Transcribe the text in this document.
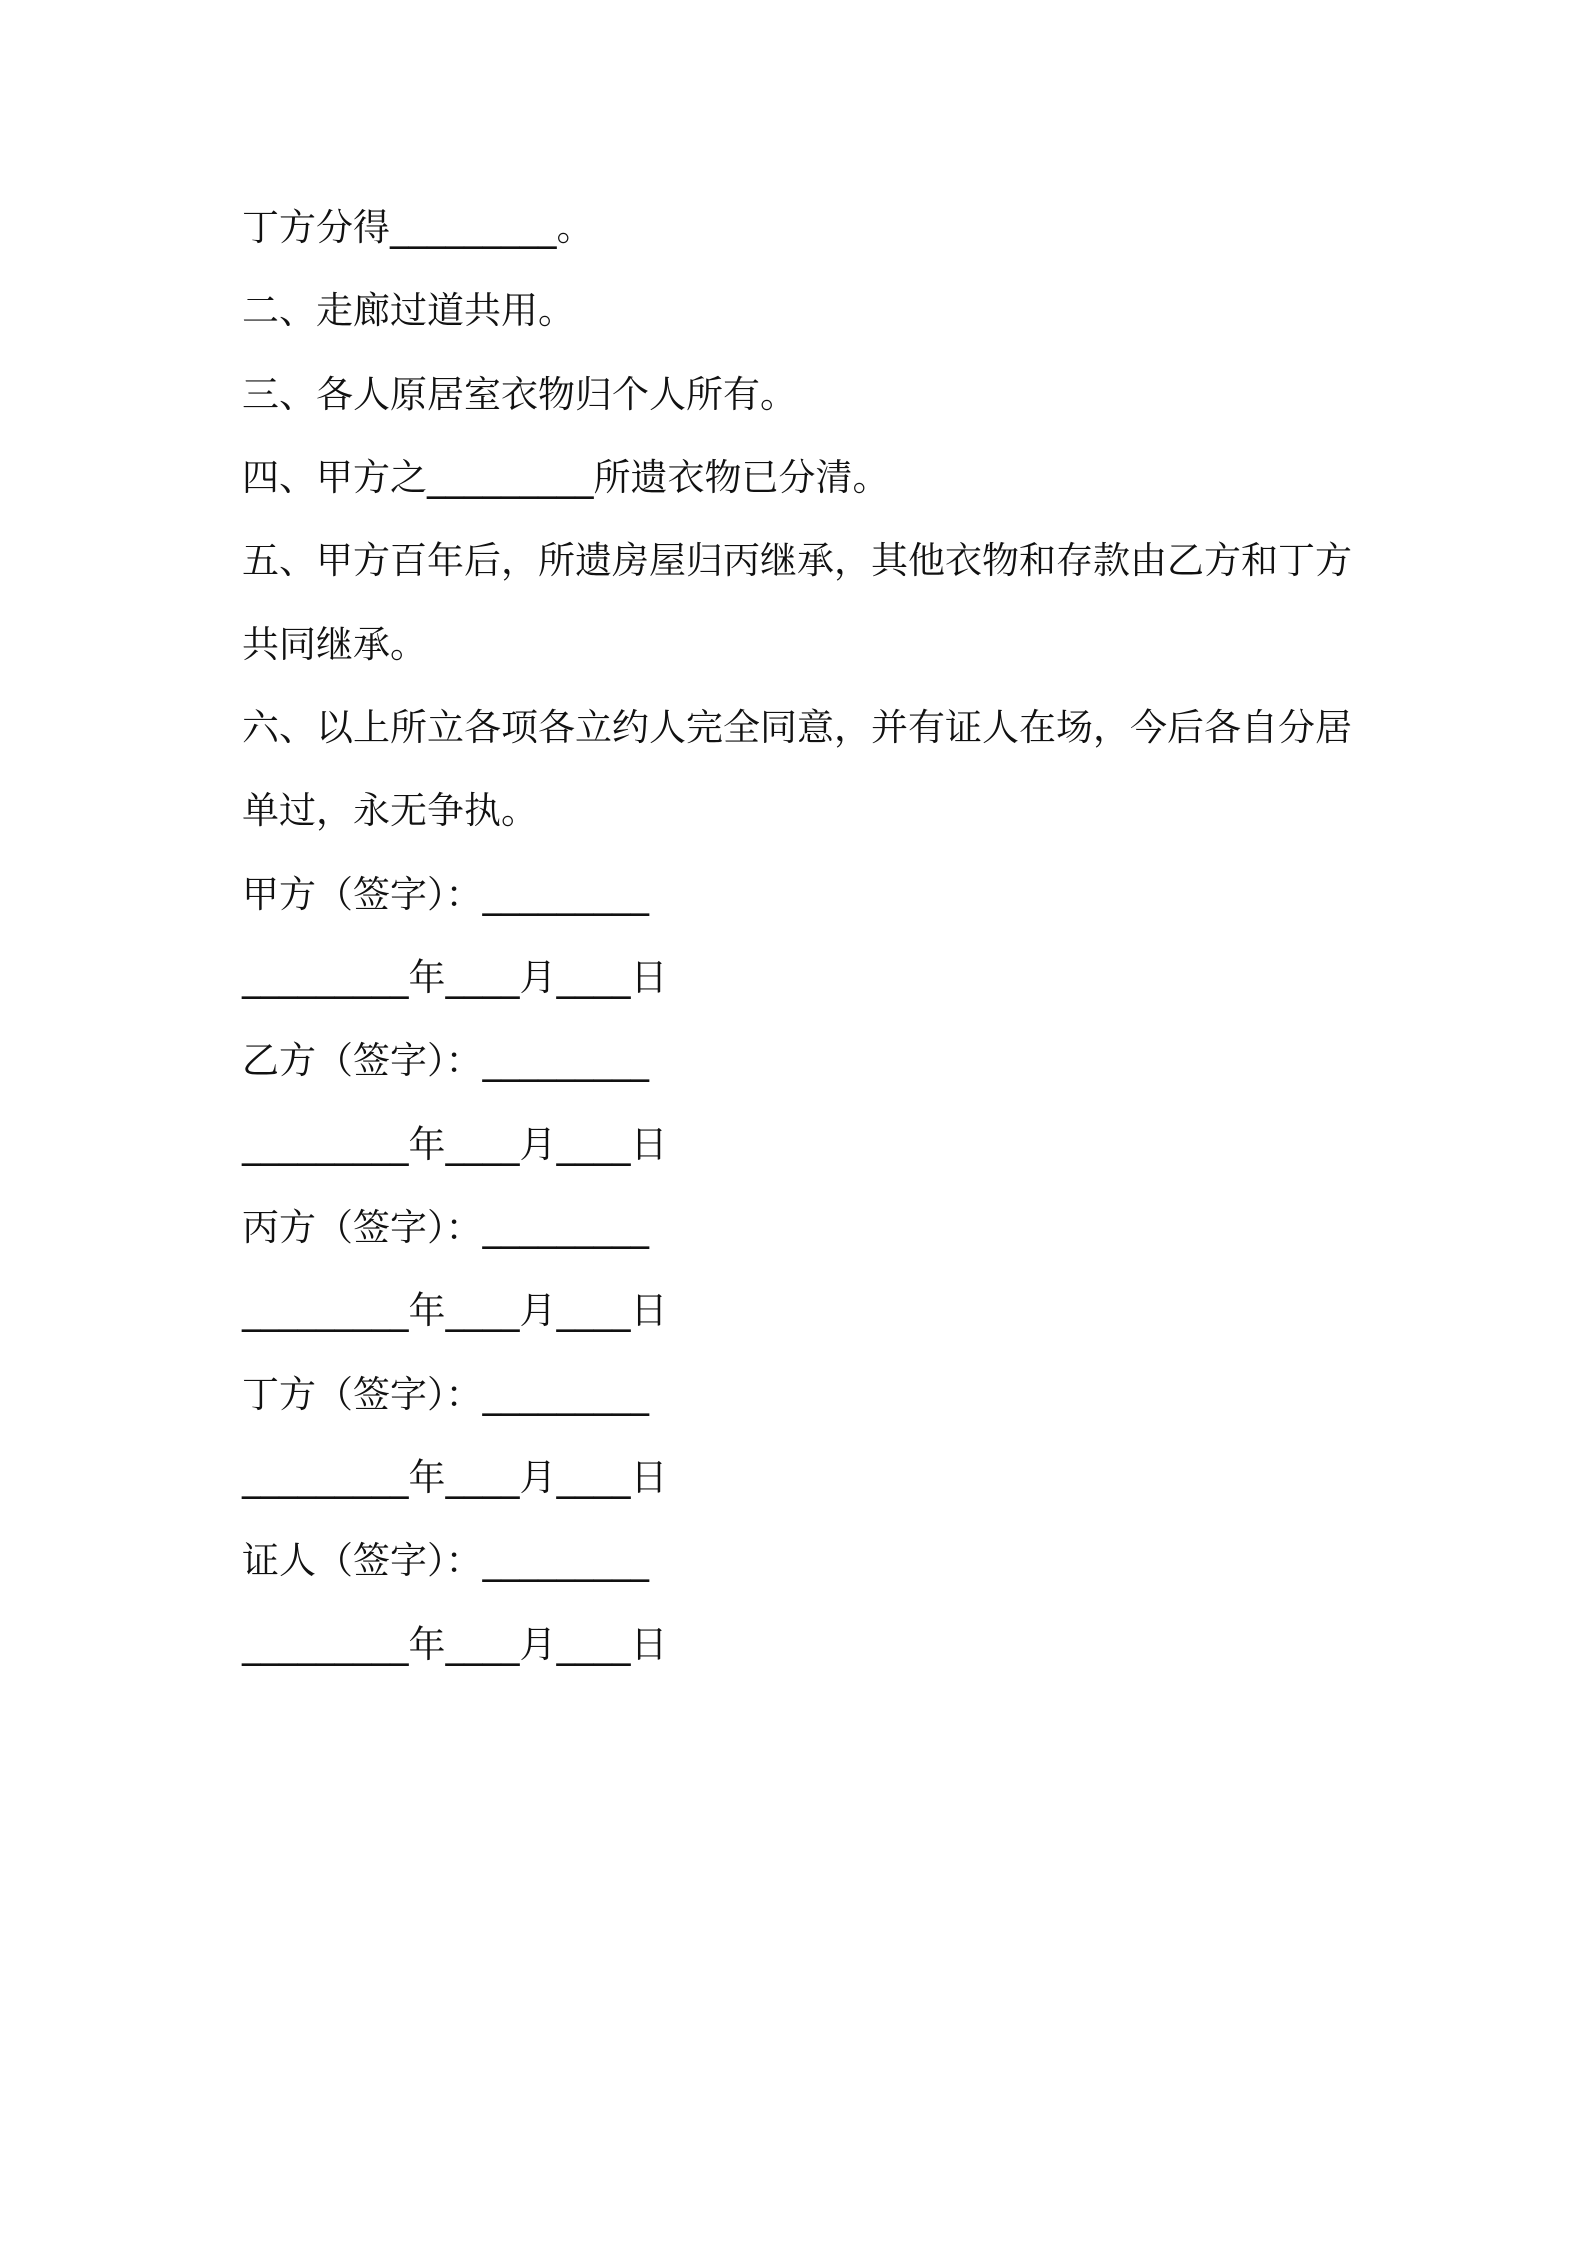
丁方分得_________。
二、走廊过道共用。
三、各人原居室衣物归个人所有。
四、甲方之_________所遗衣物已分清。
五、甲方百年后，所遗房屋归丙继承，其他衣物和存款由乙方和丁方
共同继承。
六、以上所立各项各立约人完全同意，并有证人在场，今后各自分居
单过，永无争执。
甲方（签字）：_________
_________年____月____日
乙方（签字）：_________
_________年____月____日
丙方（签字）：_________
_________年____月____日
丁方（签字）：_________
_________年____月____日
证人（签字）：_________
_________年____月____日
